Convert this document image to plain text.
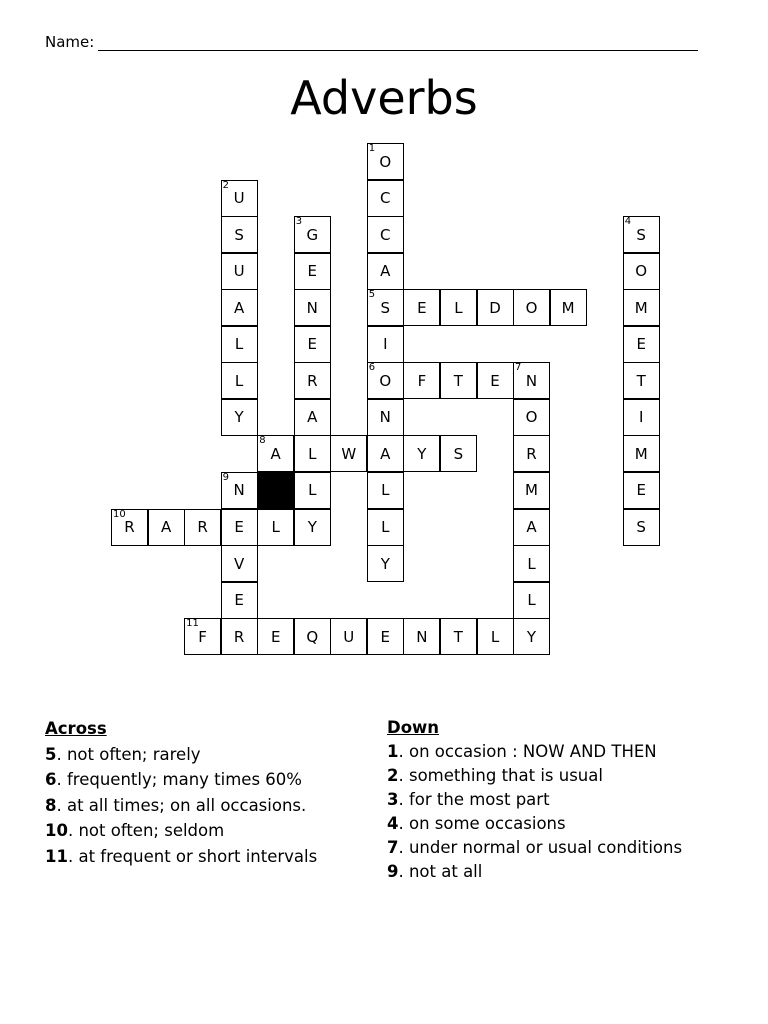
Name:
Adverbs
1
O
2
U	C
S
3
G	C
4
S
U	E	A	O
A	N
5
S E L D O M	M
L	E	I	E
L	R
6
O F T E
7
N	T
Y	A	N	O	I
8
A L W A Y S	R	M
9
N	L	L	M	E
10
R A R E L Y	L	A	S
V	Y	L
E	L
11
F R E Q U E N T L Y
Across
5. not often; rarely
6. frequently; many times 60%
8. at all times; on all occasions.
10. not often; seldom
11. at frequent or short intervals
Down
1. on occasion : NOW AND THEN
2. something that is usual
3. for the most part
4. on some occasions
7. under normal or usual conditions
9. not at all
